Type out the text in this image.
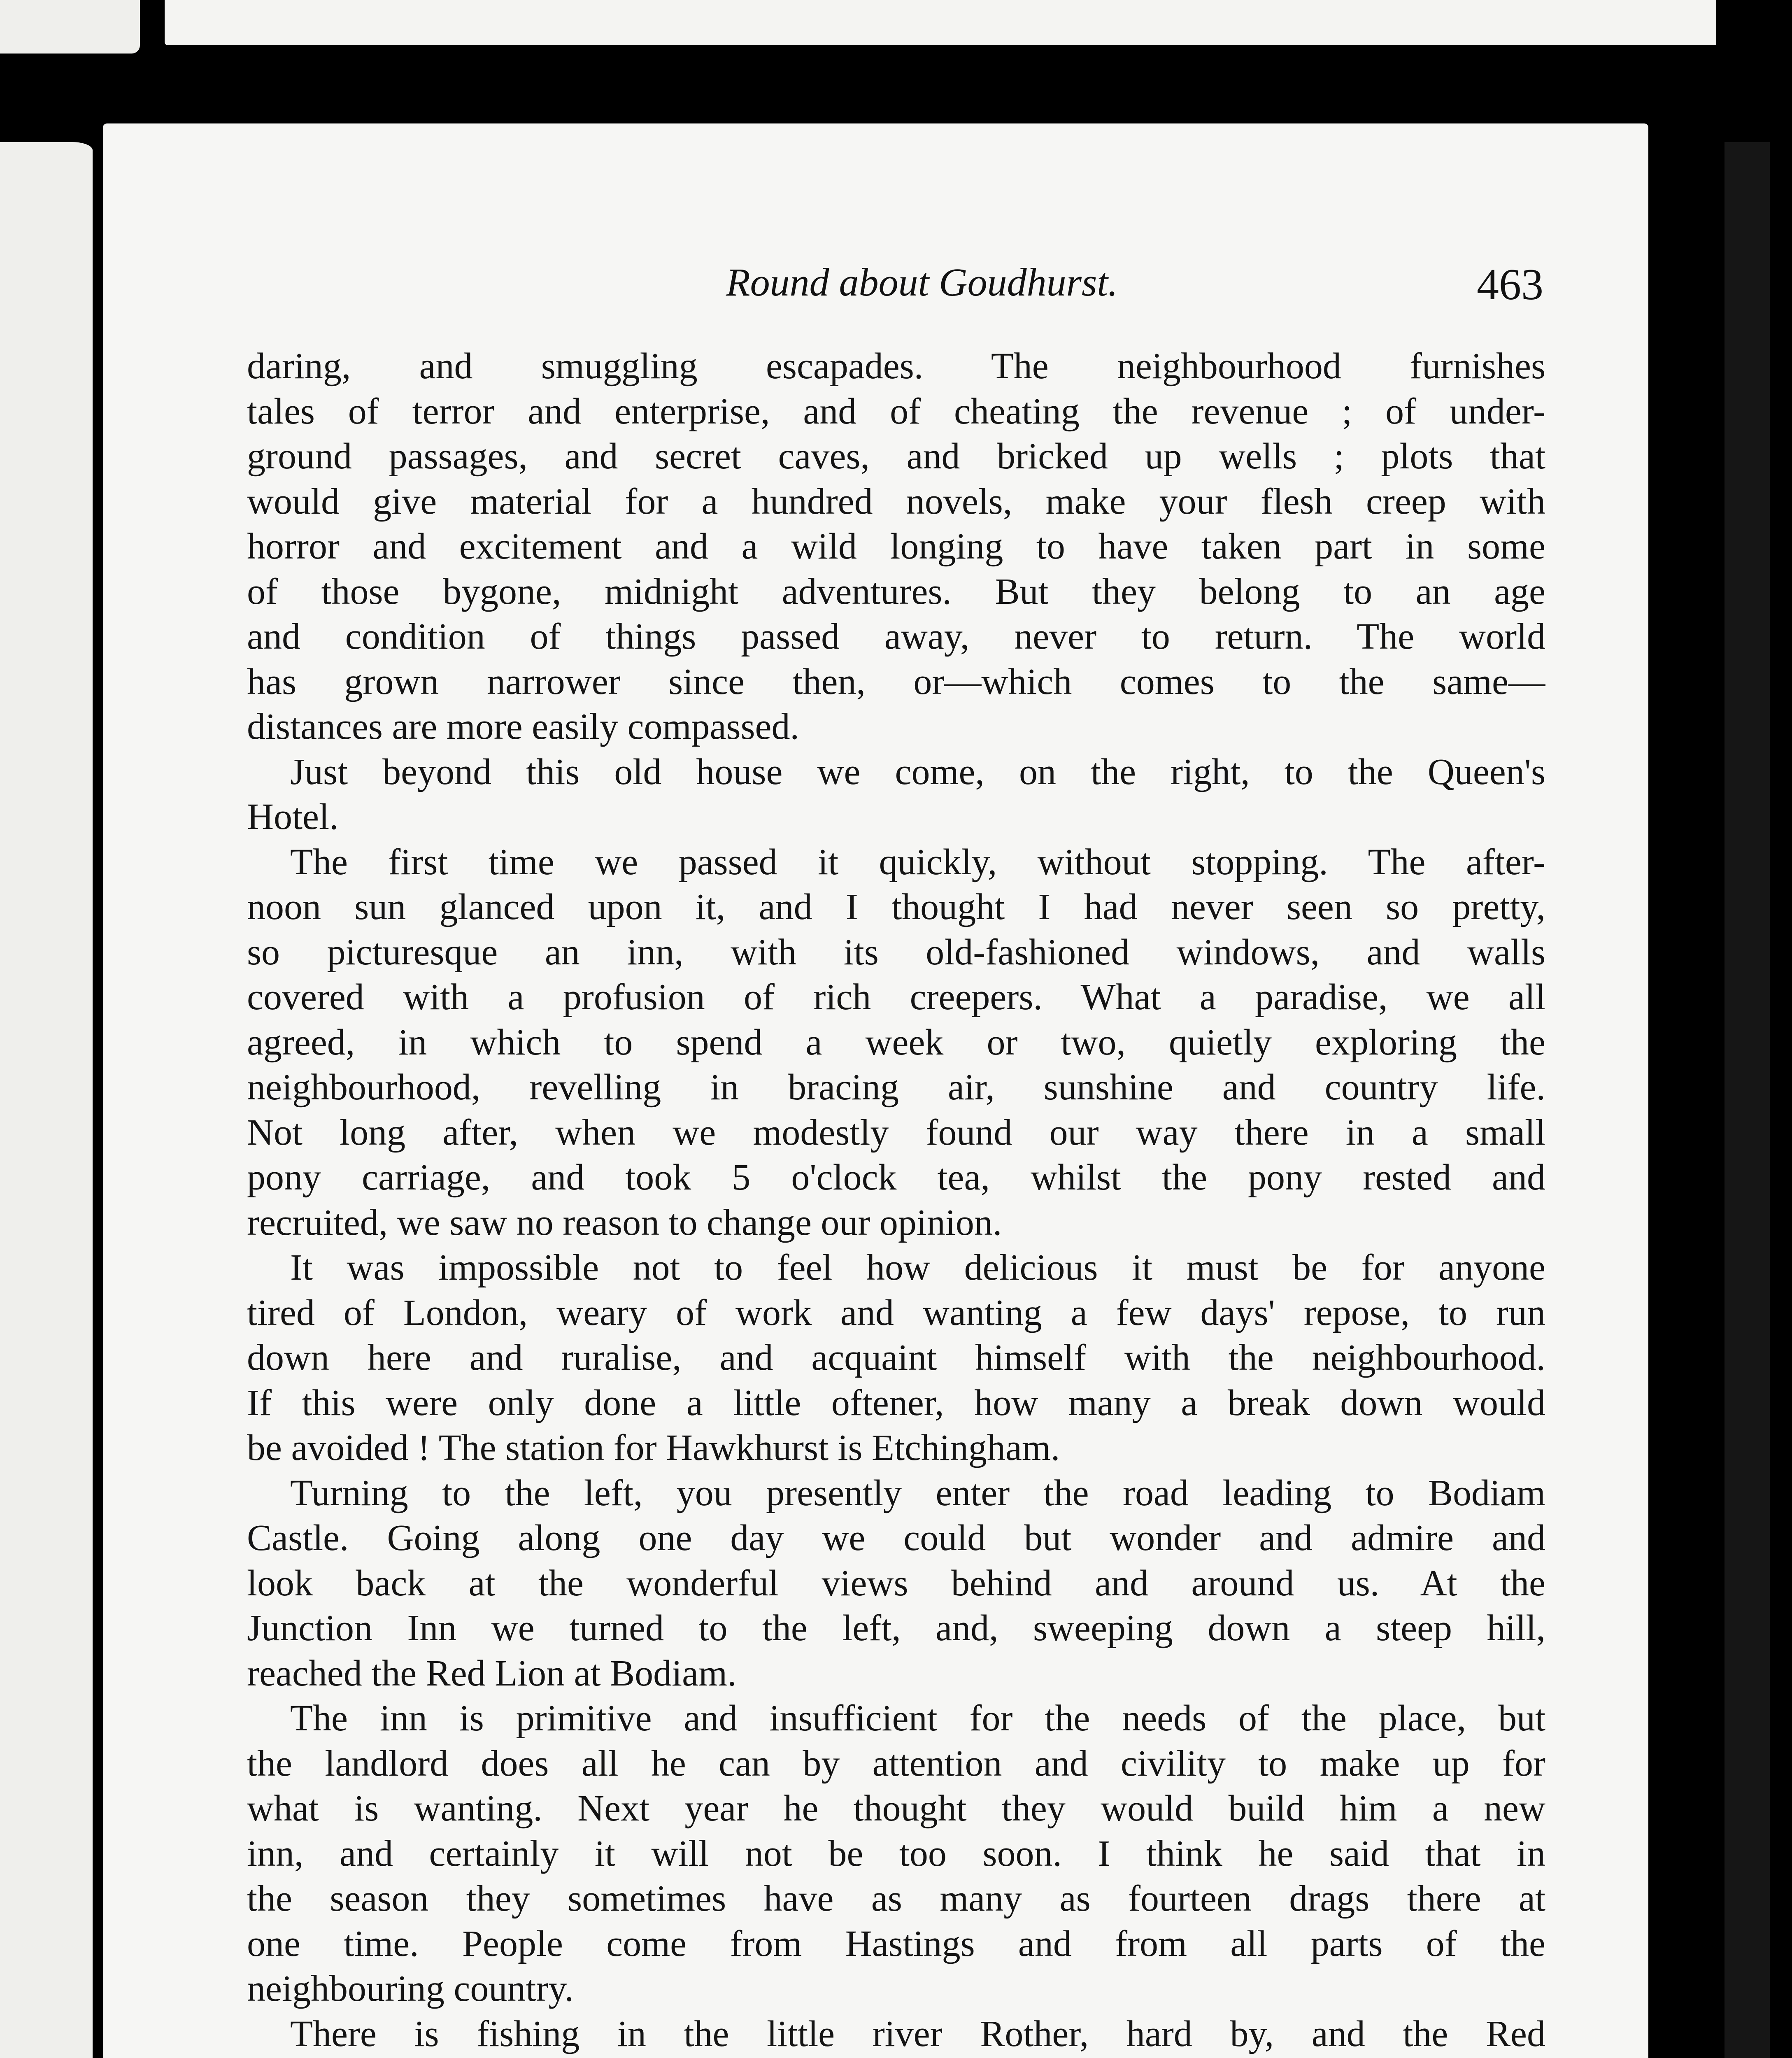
Round about Goudhurst.	463
daring, and smuggling escapades. The neighbourhood furnishes
tales of terror and enterprise, and of cheating the revenue ; of under-
ground passages, and secret caves, and bricked up wells ; plots that
would give material for a hundred novels, make your flesh creep with
horror and excitement and a wild longing to have taken part in some
of those bygone, midnight adventures. But they belong to an age
and condition of things passed away, never to return. The world
has grown narrower since then, or—which comes to the same—
distances are more easily compassed.
Just beyond this old house we come, on the right, to the Queen's
Hotel.
The first time we passed it quickly, without stopping. The after-
noon sun glanced upon it, and I thought I had never seen so pretty,
so picturesque an inn, with its old-fashioned windows, and walls
covered with a profusion of rich creepers. What a paradise, we all
agreed, in which to spend a week or two, quietly exploring the
neighbourhood, revelling in bracing air, sunshine and country life.
Not long after, when we modestly found our way there in a small
pony carriage, and took 5 o'clock tea, whilst the pony rested and
recruited, we saw no reason to change our opinion.
It was impossible not to feel how delicious it must be for anyone
tired of London, weary of work and wanting a few days' repose, to run
down here and ruralise, and acquaint himself with the neighbourhood.
If this were only done a little oftener, how many a break down would
be avoided ! The station for Hawkhurst is Etchingham.
Turning to the left, you presently enter the road leading to Bodiam
Castle. Going along one day we could but wonder and admire and
look back at the wonderful views behind and around us. At the
Junction Inn we turned to the left, and, sweeping down a steep hill,
reached the Red Lion at Bodiam.
The inn is primitive and insufficient for the needs of the place, but
the landlord does all he can by attention and civility to make up for
what is wanting. Next year he thought they would build him a new
inn, and certainly it will not be too soon. I think he said that in
the season they sometimes have as many as fourteen drags there at
one time. People come from Hastings and from all parts of the
neighbouring country.
There is fishing in the little river Rother, hard by, and the Red
